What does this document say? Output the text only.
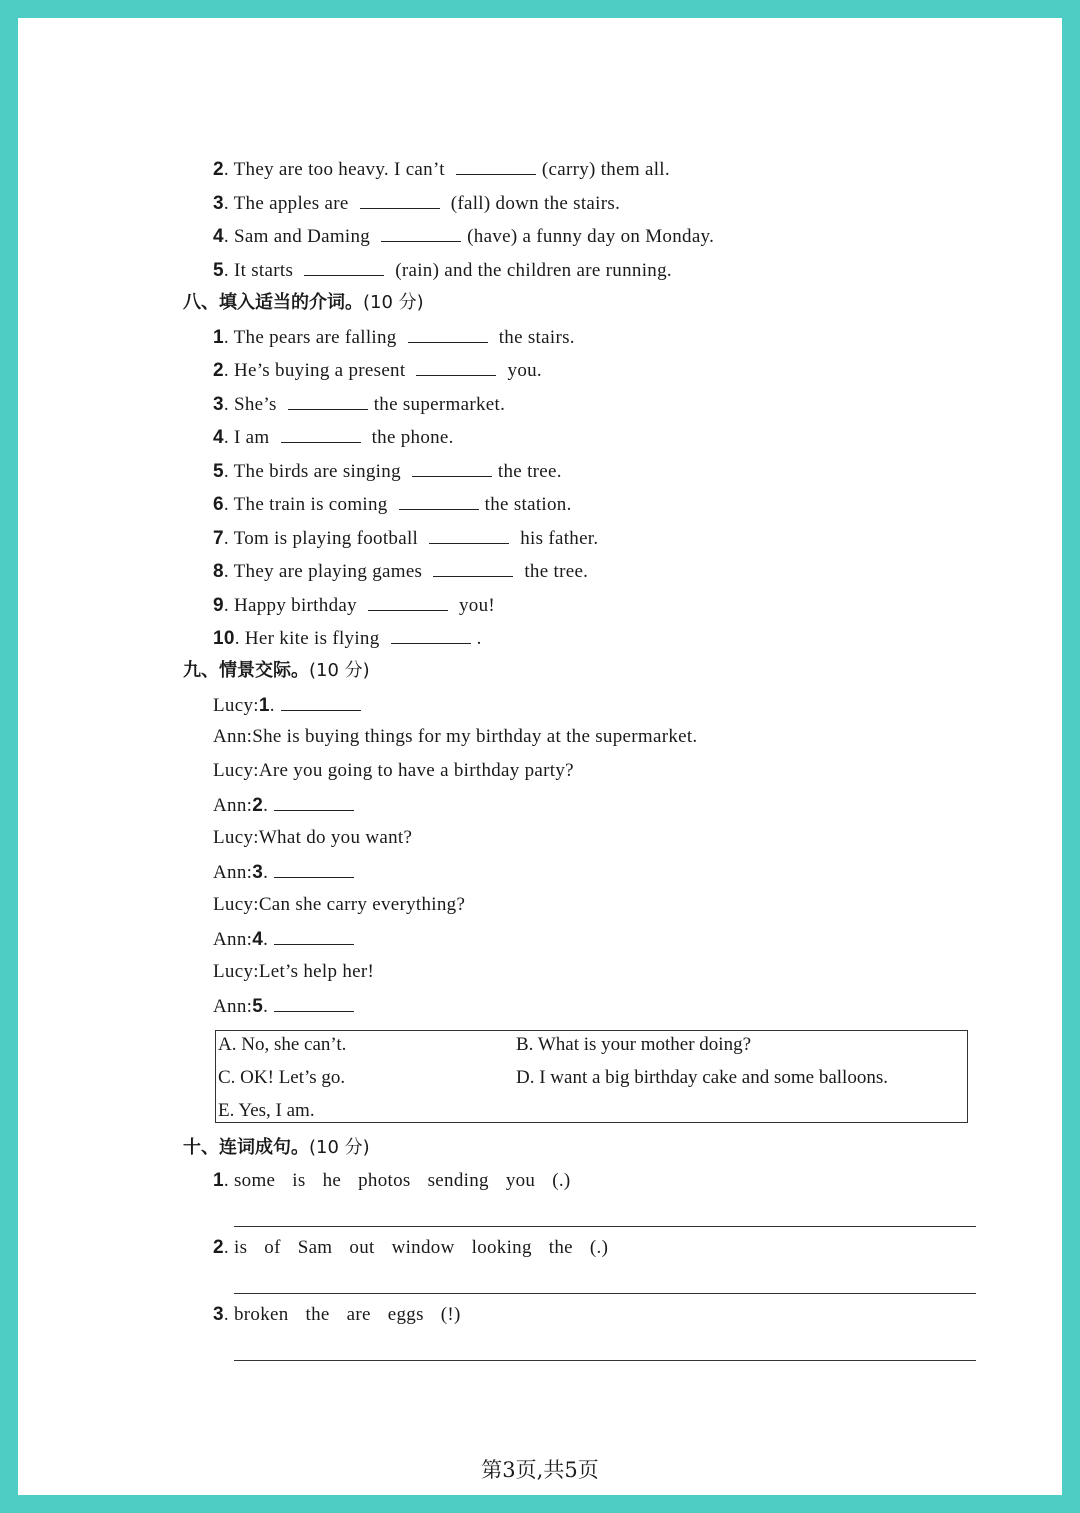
2. They are too heavy. I can’t	(carry) them all.
3. The apples are	(fall) down the stairs.
4. Sam and Daming	(have) a funny day on Monday.
5. It starts	(rain) and the children are running.
八、填入适当的介词。(10 分)
1. The pears are falling	the stairs.
2. He’s buying a present	you.
3. She’s	the supermarket.
4. I am	the phone.
5. The birds are singing	the tree.
6. The train is coming	the station.
7. Tom is playing football	his father.
8. They are playing games	the tree.
9. Happy birthday	you!
10. Her kite is flying	.
九、情景交际。(10 分)
Lucy:1.
Ann:She is buying things for my birthday at the supermarket.
Lucy:Are you going to have a birthday party?
Ann:2.
Lucy:What do you want?
Ann:3.
Lucy:Can she carry everything?
Ann:4.
Lucy:Let’s help her!
Ann:5.
A. No, she can’t.	B. What is your mother doing?
C. OK! Let’s go.	D. I want a big birthday cake and some balloons.
E. Yes, I am.
十、连词成句。(10 分)
1. some is he photos sending you (.)
2. is of Sam out window looking the (.)
3. broken the are eggs (!)
第3页,共5页
